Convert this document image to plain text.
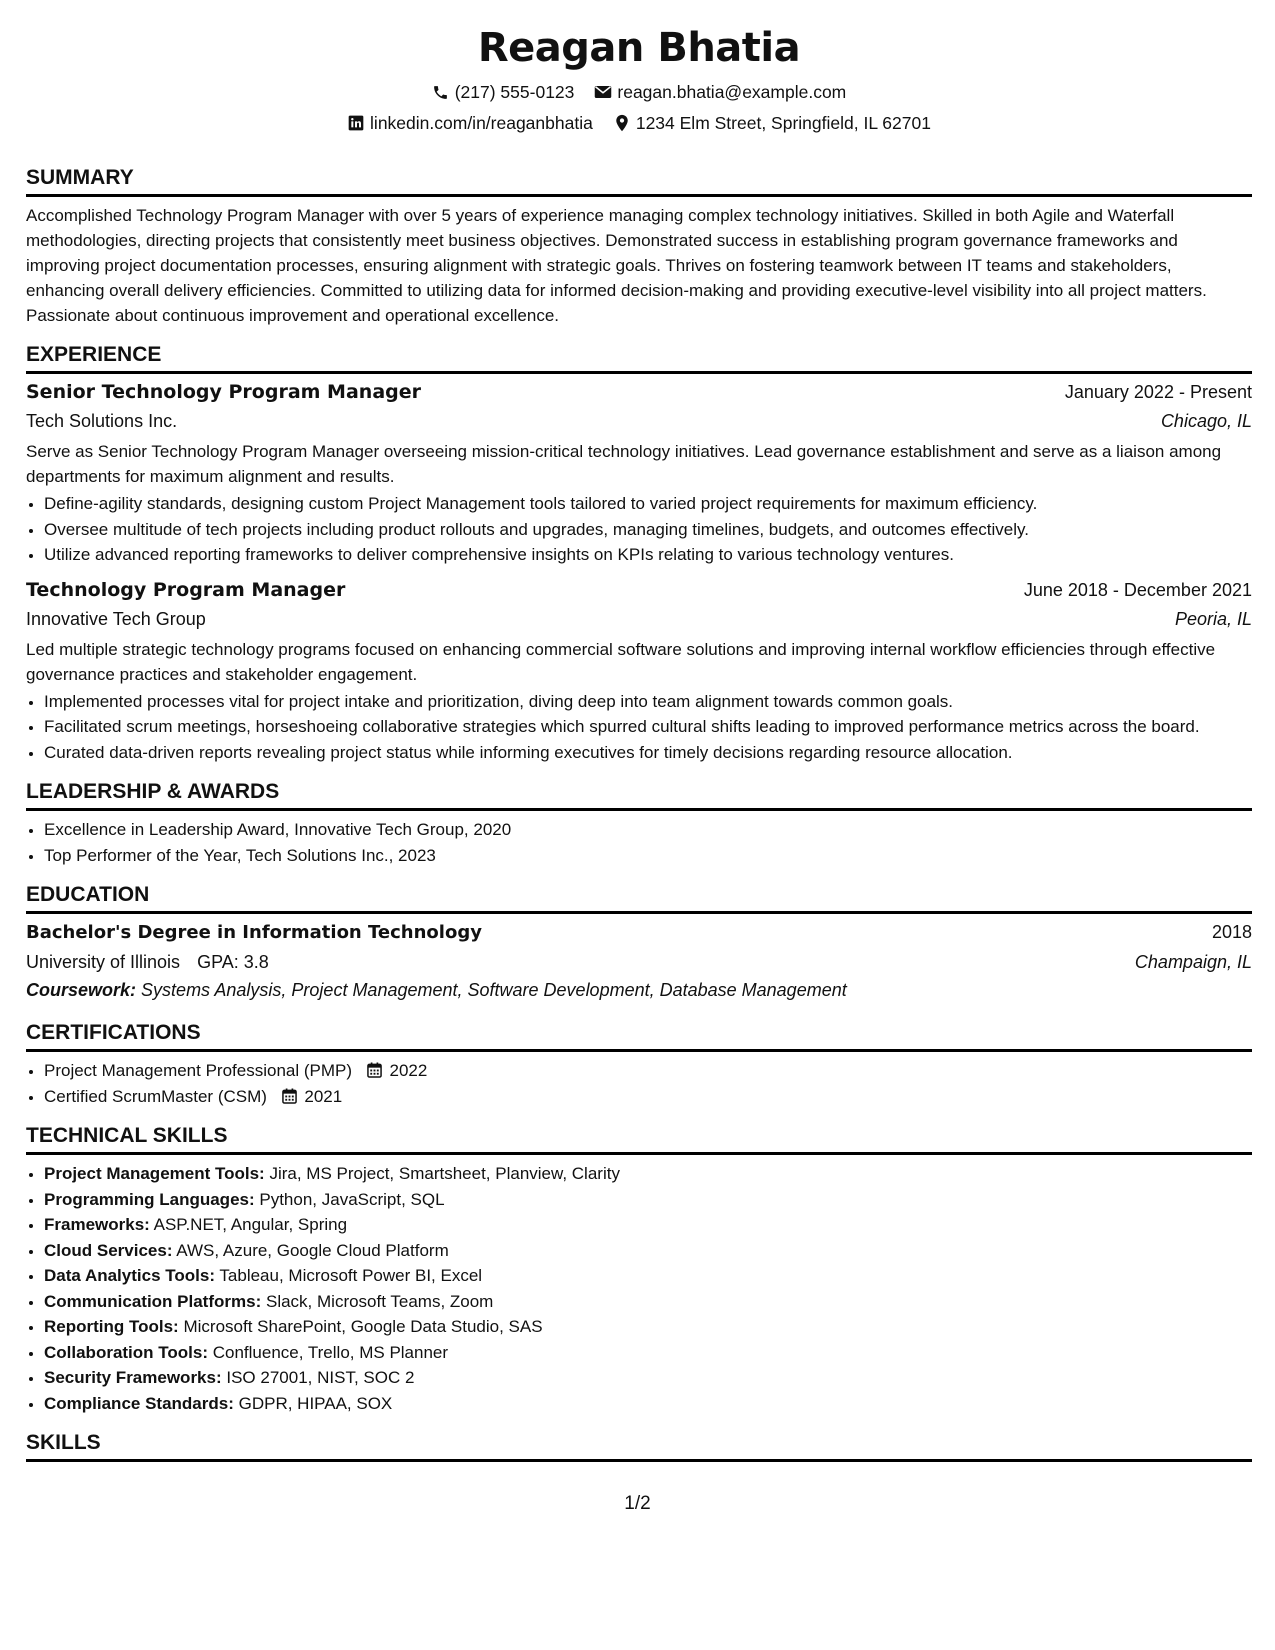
Reagan Bhatia
(217) 555-0123 reagan.bhatia@example.com
linkedin.com/in/reaganbhatia 1234 Elm Street, Springfield, IL 62701
SUMMARY
Accomplished Technology Program Manager with over 5 years of experience managing complex technology initiatives. Skilled in both Agile and Waterfall methodologies, directing projects that consistently meet business objectives. Demonstrated success in establishing program governance frameworks and improving project documentation processes, ensuring alignment with strategic goals. Thrives on fostering teamwork between IT teams and stakeholders, enhancing overall delivery efficiencies. Committed to utilizing data for informed decision-making and providing executive-level visibility into all project matters. Passionate about continuous improvement and operational excellence.
EXPERIENCE
Senior Technology Program Manager	January 2022 - Present
Tech Solutions Inc.	Chicago, IL
Serve as Senior Technology Program Manager overseeing mission-critical technology initiatives. Lead governance establishment and serve as a liaison among departments for maximum alignment and results.
• Define-agility standards, designing custom Project Management tools tailored to varied project requirements for maximum efficiency.
• Oversee multitude of tech projects including product rollouts and upgrades, managing timelines, budgets, and outcomes effectively.
• Utilize advanced reporting frameworks to deliver comprehensive insights on KPIs relating to various technology ventures.
Technology Program Manager	June 2018 - December 2021
Innovative Tech Group	Peoria, IL
Led multiple strategic technology programs focused on enhancing commercial software solutions and improving internal workflow efficiencies through effective governance practices and stakeholder engagement.
• Implemented processes vital for project intake and prioritization, diving deep into team alignment towards common goals.
• Facilitated scrum meetings, horseshoeing collaborative strategies which spurred cultural shifts leading to improved performance metrics across the board.
• Curated data-driven reports revealing project status while informing executives for timely decisions regarding resource allocation.
LEADERSHIP & AWARDS
• Excellence in Leadership Award, Innovative Tech Group, 2020
• Top Performer of the Year, Tech Solutions Inc., 2023
EDUCATION
Bachelor's Degree in Information Technology	2018
University of Illinois GPA: 3.8	Champaign, IL
Coursework: Systems Analysis, Project Management, Software Development, Database Management
CERTIFICATIONS
• Project Management Professional (PMP) 2022
• Certified ScrumMaster (CSM) 2021
TECHNICAL SKILLS
• Project Management Tools: Jira, MS Project, Smartsheet, Planview, Clarity
• Programming Languages: Python, JavaScript, SQL
• Frameworks: ASP.NET, Angular, Spring
• Cloud Services: AWS, Azure, Google Cloud Platform
• Data Analytics Tools: Tableau, Microsoft Power BI, Excel
• Communication Platforms: Slack, Microsoft Teams, Zoom
• Reporting Tools: Microsoft SharePoint, Google Data Studio, SAS
• Collaboration Tools: Confluence, Trello, MS Planner
• Security Frameworks: ISO 27001, NIST, SOC 2
• Compliance Standards: GDPR, HIPAA, SOX
SKILLS
1/2
